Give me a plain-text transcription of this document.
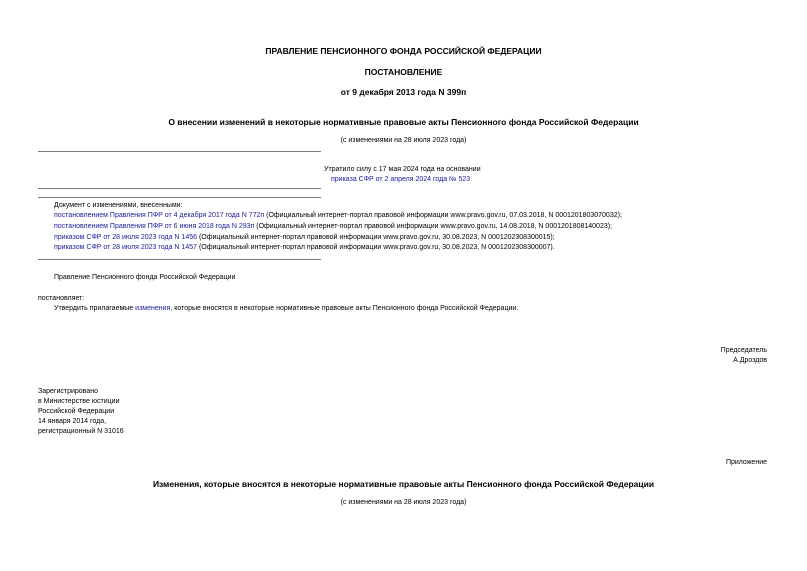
ПРАВЛЕНИЕ ПЕНСИОННОГО ФОНДА РОССИЙСКОЙ ФЕДЕРАЦИИ
ПОСТАНОВЛЕНИЕ
от 9 декабря 2013 года N 399п
О внесении изменений в некоторые нормативные правовые акты Пенсионного фонда Российской Федерации
(с изменениями на 28 июля 2023 года)
Утратило силу с 17 мая 2024 года на основании
приказа СФР от 2 апреля 2024 года № 523
Документ с изменениями, внесенными:
постановлением Правления ПФР от 4 декабря 2017 года N 772п (Официальный интернет-портал правовой информации www.pravo.gov.ru, 07.03.2018, N 0001201803070032);
постановлением Правления ПФР от 6 июня 2018 года N 293п (Официальный интернет-портал правовой информации www.pravo.gov.ru, 14.08.2018, N 0001201808140023);
приказом СФР от 28 июля 2023 года N 1456 (Официальный интернет-портал правовой информации www.pravo.gov.ru, 30.08.2023, N 0001202308300015);
приказом СФР от 28 июля 2023 года N 1457 (Официальный интернет-портал правовой информации www.pravo.gov.ru, 30.08.2023, N 0001202308300007).
Правление Пенсионного фонда Российской Федерации
постановляет:
Утвердить прилагаемые изменения, которые вносятся в некоторые нормативные правовые акты Пенсионного фонда Российской Федерации.
Председатель
А.Дроздов
Зарегистрировано
в Министерстве юстиции
Российской Федерации
14 января 2014 года,
регистрационный N 31016
Приложение
Изменения, которые вносятся в некоторые нормативные правовые акты Пенсионного фонда Российской Федерации
(с изменениями на 28 июля 2023 года)
